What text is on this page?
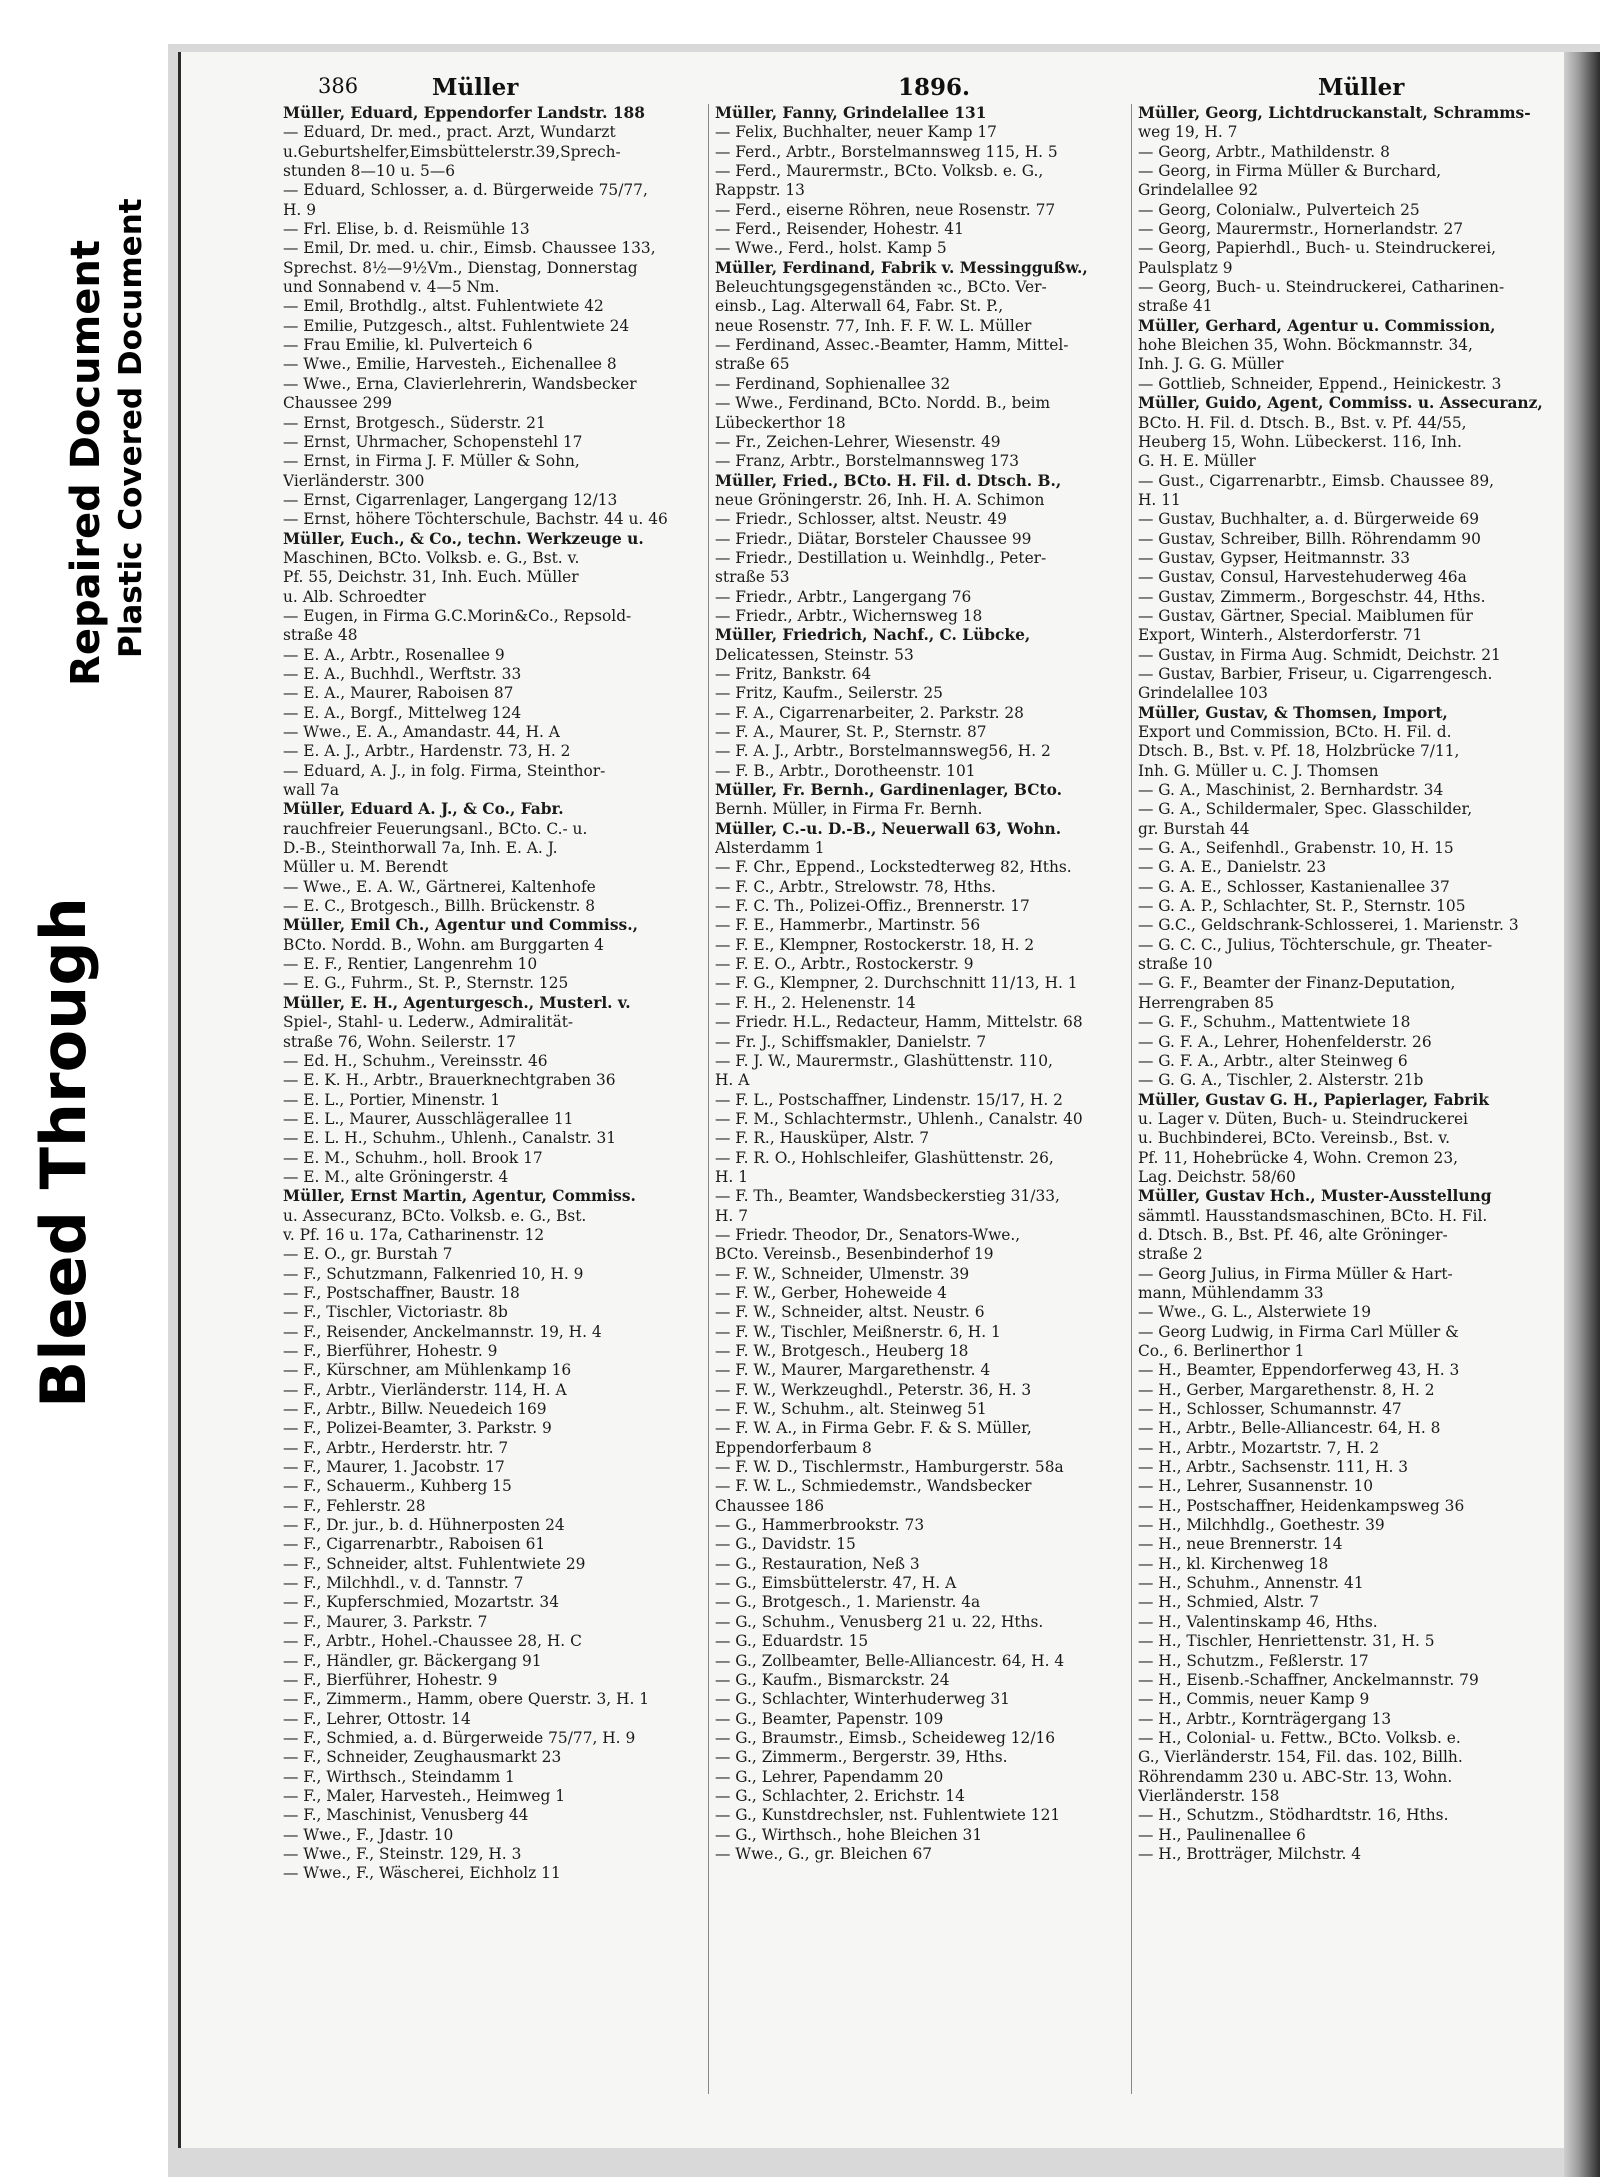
Bleed Through
Repaired Document Plastic Covered Document
386	Müller	1896.	Müller
Müller, Eduard, Eppendorfer Landstr. 188
— Eduard, Dr. med., pract. Arzt, Wundarzt
u.Geburtshelfer,Eimsbüttelerstr.39,Sprech-
stunden 8—10 u. 5—6
— Eduard, Schlosser, a. d. Bürgerweide 75/77,
H. 9
— Frl. Elise, b. d. Reismühle 13
— Emil, Dr. med. u. chir., Eimsb. Chaussee 133,
Sprechst. 8½—9½Vm., Dienstag, Donnerstag
und Sonnabend v. 4—5 Nm.
— Emil, Brothdlg., altst. Fuhlentwiete 42
— Emilie, Putzgesch., altst. Fuhlentwiete 24
— Frau Emilie, kl. Pulverteich 6
— Wwe., Emilie, Harvesteh., Eichenallee 8
— Wwe., Erna, Clavierlehrerin, Wandsbecker
Chaussee 299
— Ernst, Brotgesch., Süderstr. 21
— Ernst, Uhrmacher, Schopenstehl 17
— Ernst, in Firma J. F. Müller & Sohn,
Vierländerstr. 300
— Ernst, Cigarrenlager, Langergang 12/13
— Ernst, höhere Töchterschule, Bachstr. 44 u. 46
Müller, Euch., & Co., techn. Werkzeuge u.
Maschinen, BCto. Volksb. e. G., Bst. v.
Pf. 55, Deichstr. 31, Inh. Euch. Müller
u. Alb. Schroedter
— Eugen, in Firma G.C.Morin&Co., Repsold-
straße 48
— E. A., Arbtr., Rosenallee 9
— E. A., Buchhdl., Werftstr. 33
— E. A., Maurer, Raboisen 87
— E. A., Borgf., Mittelweg 124
— Wwe., E. A., Amandastr. 44, H. A
— E. A. J., Arbtr., Hardenstr. 73, H. 2
— Eduard, A. J., in folg. Firma, Steinthor-
wall 7a
Müller, Eduard A. J., & Co., Fabr.
rauchfreier Feuerungsanl., BCto. C.- u.
D.-B., Steinthorwall 7a, Inh. E. A. J.
Müller u. M. Berendt
— Wwe., E. A. W., Gärtnerei, Kaltenhofe
— E. C., Brotgesch., Billh. Brückenstr. 8
Müller, Emil Ch., Agentur und Commiss.,
BCto. Nordd. B., Wohn. am Burggarten 4
— E. F., Rentier, Langenrehm 10
— E. G., Fuhrm., St. P., Sternstr. 125
Müller, E. H., Agenturgesch., Musterl. v.
Spiel-, Stahl- u. Lederw., Admiralität-
straße 76, Wohn. Seilerstr. 17
— Ed. H., Schuhm., Vereinsstr. 46
— E. K. H., Arbtr., Brauerknechtgraben 36
— E. L., Portier, Minenstr. 1
— E. L., Maurer, Ausschlägerallee 11
— E. L. H., Schuhm., Uhlenh., Canalstr. 31
— E. M., Schuhm., holl. Brook 17
— E. M., alte Gröningerstr. 4
Müller, Ernst Martin, Agentur, Commiss.
u. Assecuranz, BCto. Volksb. e. G., Bst.
v. Pf. 16 u. 17a, Catharinenstr. 12
— E. O., gr. Burstah 7
— F., Schutzmann, Falkenried 10, H. 9
— F., Postschaffner, Baustr. 18
— F., Tischler, Victoriastr. 8b
— F., Reisender, Anckelmannstr. 19, H. 4
— F., Bierführer, Hohestr. 9
— F., Kürschner, am Mühlenkamp 16
— F., Arbtr., Vierländerstr. 114, H. A
— F., Arbtr., Billw. Neuedeich 169
— F., Polizei-Beamter, 3. Parkstr. 9
— F., Arbtr., Herderstr. htr. 7
— F., Maurer, 1. Jacobstr. 17
— F., Schauerm., Kuhberg 15
— F., Fehlerstr. 28
— F., Dr. jur., b. d. Hühnerposten 24
— F., Cigarrenarbtr., Raboisen 61
— F., Schneider, altst. Fuhlentwiete 29
— F., Milchhdl., v. d. Tannstr. 7
— F., Kupferschmied, Mozartstr. 34
— F., Maurer, 3. Parkstr. 7
— F., Arbtr., Hohel.-Chaussee 28, H. C
— F., Händler, gr. Bäckergang 91
— F., Bierführer, Hohestr. 9
— F., Zimmerm., Hamm, obere Querstr. 3, H. 1
— F., Lehrer, Ottostr. 14
— F., Schmied, a. d. Bürgerweide 75/77, H. 9
— F., Schneider, Zeughausmarkt 23
— F., Wirthsch., Steindamm 1
— F., Maler, Harvesteh., Heimweg 1
— F., Maschinist, Venusberg 44
— Wwe., F., Jdastr. 10
— Wwe., F., Steinstr. 129, H. 3
— Wwe., F., Wäscherei, Eichholz 11
Müller, Fanny, Grindelallee 131
— Felix, Buchhalter, neuer Kamp 17
— Ferd., Arbtr., Borstelmannsweg 115, H. 5
— Ferd., Maurermstr., BCto. Volksb. e. G.,
Rappstr. 13
— Ferd., eiserne Röhren, neue Rosenstr. 77
— Ferd., Reisender, Hohestr. 41
— Wwe., Ferd., holst. Kamp 5
Müller, Ferdinand, Fabrik v. Messinggußw.,
Beleuchtungsgegenständen ꝛc., BCto. Ver-
einsb., Lag. Alterwall 64, Fabr. St. P.,
neue Rosenstr. 77, Inh. F. F. W. L. Müller
— Ferdinand, Assec.-Beamter, Hamm, Mittel-
straße 65
— Ferdinand, Sophienallee 32
— Wwe., Ferdinand, BCto. Nordd. B., beim
Lübeckerthor 18
— Fr., Zeichen-Lehrer, Wiesenstr. 49
— Franz, Arbtr., Borstelmannsweg 173
Müller, Fried., BCto. H. Fil. d. Dtsch. B.,
neue Gröningerstr. 26, Inh. H. A. Schimon
— Friedr., Schlosser, altst. Neustr. 49
— Friedr., Diätar, Borsteler Chaussee 99
— Friedr., Destillation u. Weinhdlg., Peter-
straße 53
— Friedr., Arbtr., Langergang 76
— Friedr., Arbtr., Wichernsweg 18
Müller, Friedrich, Nachf., C. Lübcke,
Delicatessen, Steinstr. 53
— Fritz, Bankstr. 64
— Fritz, Kaufm., Seilerstr. 25
— F. A., Cigarrenarbeiter, 2. Parkstr. 28
— F. A., Maurer, St. P., Sternstr. 87
— F. A. J., Arbtr., Borstelmannsweg56, H. 2
— F. B., Arbtr., Dorotheenstr. 101
Müller, Fr. Bernh., Gardinenlager, BCto.
Bernh. Müller, in Firma Fr. Bernh.
Müller, C.-u. D.-B., Neuerwall 63, Wohn.
Alsterdamm 1
— F. Chr., Eppend., Lockstedterweg 82, Hths.
— F. C., Arbtr., Strelowstr. 78, Hths.
— F. C. Th., Polizei-Offiz., Brennerstr. 17
— F. E., Hammerbr., Martinstr. 56
— F. E., Klempner, Rostockerstr. 18, H. 2
— F. E. O., Arbtr., Rostockerstr. 9
— F. G., Klempner, 2. Durchschnitt 11/13, H. 1
— F. H., 2. Helenenstr. 14
— Friedr. H.L., Redacteur, Hamm, Mittelstr. 68
— Fr. J., Schiffsmakler, Danielstr. 7
— F. J. W., Maurermstr., Glashüttenstr. 110,
H. A
— F. L., Postschaffner, Lindenstr. 15/17, H. 2
— F. M., Schlachtermstr., Uhlenh., Canalstr. 40
— F. R., Hausküper, Alstr. 7
— F. R. O., Hohlschleifer, Glashüttenstr. 26,
H. 1
— F. Th., Beamter, Wandsbeckerstieg 31/33,
H. 7
— Friedr. Theodor, Dr., Senators-Wwe.,
BCto. Vereinsb., Besenbinderhof 19
— F. W., Schneider, Ulmenstr. 39
— F. W., Gerber, Hoheweide 4
— F. W., Schneider, altst. Neustr. 6
— F. W., Tischler, Meißnerstr. 6, H. 1
— F. W., Brotgesch., Heuberg 18
— F. W., Maurer, Margarethenstr. 4
— F. W., Werkzeughdl., Peterstr. 36, H. 3
— F. W., Schuhm., alt. Steinweg 51
— F. W. A., in Firma Gebr. F. & S. Müller,
Eppendorferbaum 8
— F. W. D., Tischlermstr., Hamburgerstr. 58a
— F. W. L., Schmiedemstr., Wandsbecker
Chaussee 186
— G., Hammerbrookstr. 73
— G., Davidstr. 15
— G., Restauration, Neß 3
— G., Eimsbüttelerstr. 47, H. A
— G., Brotgesch., 1. Marienstr. 4a
— G., Schuhm., Venusberg 21 u. 22, Hths.
— G., Eduardstr. 15
— G., Zollbeamter, Belle-Alliancestr. 64, H. 4
— G., Kaufm., Bismarckstr. 24
— G., Schlachter, Winterhuderweg 31
— G., Beamter, Papenstr. 109
— G., Braumstr., Eimsb., Scheideweg 12/16
— G., Zimmerm., Bergerstr. 39, Hths.
— G., Lehrer, Papendamm 20
— G., Schlachter, 2. Erichstr. 14
— G., Kunstdrechsler, nst. Fuhlentwiete 121
— G., Wirthsch., hohe Bleichen 31
— Wwe., G., gr. Bleichen 67
Müller, Georg, Lichtdruckanstalt, Schramms-
weg 19, H. 7
— Georg, Arbtr., Mathildenstr. 8
— Georg, in Firma Müller & Burchard,
Grindelallee 92
— Georg, Colonialw., Pulverteich 25
— Georg, Maurermstr., Hornerlandstr. 27
— Georg, Papierhdl., Buch- u. Steindruckerei,
Paulsplatz 9
— Georg, Buch- u. Steindruckerei, Catharinen-
straße 41
Müller, Gerhard, Agentur u. Commission,
hohe Bleichen 35, Wohn. Böckmannstr. 34,
Inh. J. G. G. Müller
— Gottlieb, Schneider, Eppend., Heinickestr. 3
Müller, Guido, Agent, Commiss. u. Assecuranz,
BCto. H. Fil. d. Dtsch. B., Bst. v. Pf. 44/55,
Heuberg 15, Wohn. Lübeckerst. 116, Inh.
G. H. E. Müller
— Gust., Cigarrenarbtr., Eimsb. Chaussee 89,
H. 11
— Gustav, Buchhalter, a. d. Bürgerweide 69
— Gustav, Schreiber, Billh. Röhrendamm 90
— Gustav, Gypser, Heitmannstr. 33
— Gustav, Consul, Harvestehuderweg 46a
— Gustav, Zimmerm., Borgeschstr. 44, Hths.
— Gustav, Gärtner, Special. Maiblumen für
Export, Winterh., Alsterdorferstr. 71
— Gustav, in Firma Aug. Schmidt, Deichstr. 21
— Gustav, Barbier, Friseur, u. Cigarrengesch.
Grindelallee 103
Müller, Gustav, & Thomsen, Import,
Export und Commission, BCto. H. Fil. d.
Dtsch. B., Bst. v. Pf. 18, Holzbrücke 7/11,
Inh. G. Müller u. C. J. Thomsen
— G. A., Maschinist, 2. Bernhardstr. 34
— G. A., Schildermaler, Spec. Glasschilder,
gr. Burstah 44
— G. A., Seifenhdl., Grabenstr. 10, H. 15
— G. A. E., Danielstr. 23
— G. A. E., Schlosser, Kastanienallee 37
— G. A. P., Schlachter, St. P., Sternstr. 105
— G.C., Geldschrank-Schlosserei, 1. Marienstr. 3
— G. C. C., Julius, Töchterschule, gr. Theater-
straße 10
— G. F., Beamter der Finanz-Deputation,
Herrengraben 85
— G. F., Schuhm., Mattentwiete 18
— G. F. A., Lehrer, Hohenfelderstr. 26
— G. F. A., Arbtr., alter Steinweg 6
— G. G. A., Tischler, 2. Alsterstr. 21b
Müller, Gustav G. H., Papierlager, Fabrik
u. Lager v. Düten, Buch- u. Steindruckerei
u. Buchbinderei, BCto. Vereinsb., Bst. v.
Pf. 11, Hohebrücke 4, Wohn. Cremon 23,
Lag. Deichstr. 58/60
Müller, Gustav Hch., Muster-Ausstellung
sämmtl. Hausstandsmaschinen, BCto. H. Fil.
d. Dtsch. B., Bst. Pf. 46, alte Gröninger-
straße 2
— Georg Julius, in Firma Müller & Hart-
mann, Mühlendamm 33
— Wwe., G. L., Alsterwiete 19
— Georg Ludwig, in Firma Carl Müller &
Co., 6. Berlinerthor 1
— H., Beamter, Eppendorferweg 43, H. 3
— H., Gerber, Margarethenstr. 8, H. 2
— H., Schlosser, Schumannstr. 47
— H., Arbtr., Belle-Alliancestr. 64, H. 8
— H., Arbtr., Mozartstr. 7, H. 2
— H., Arbtr., Sachsenstr. 111, H. 3
— H., Lehrer, Susannenstr. 10
— H., Postschaffner, Heidenkampsweg 36
— H., Milchhdlg., Goethestr. 39
— H., neue Brennerstr. 14
— H., kl. Kirchenweg 18
— H., Schuhm., Annenstr. 41
— H., Schmied, Alstr. 7
— H., Valentinskamp 46, Hths.
— H., Tischler, Henriettenstr. 31, H. 5
— H., Schutzm., Feßlerstr. 17
— H., Eisenb.-Schaffner, Anckelmannstr. 79
— H., Commis, neuer Kamp 9
— H., Arbtr., Kornträgergang 13
— H., Colonial- u. Fettw., BCto. Volksb. e.
G., Vierländerstr. 154, Fil. das. 102, Billh.
Röhrendamm 230 u. ABC-Str. 13, Wohn.
Vierländerstr. 158
— H., Schutzm., Stödhardtstr. 16, Hths.
— H., Paulinenallee 6
— H., Brotträger, Milchstr. 4
